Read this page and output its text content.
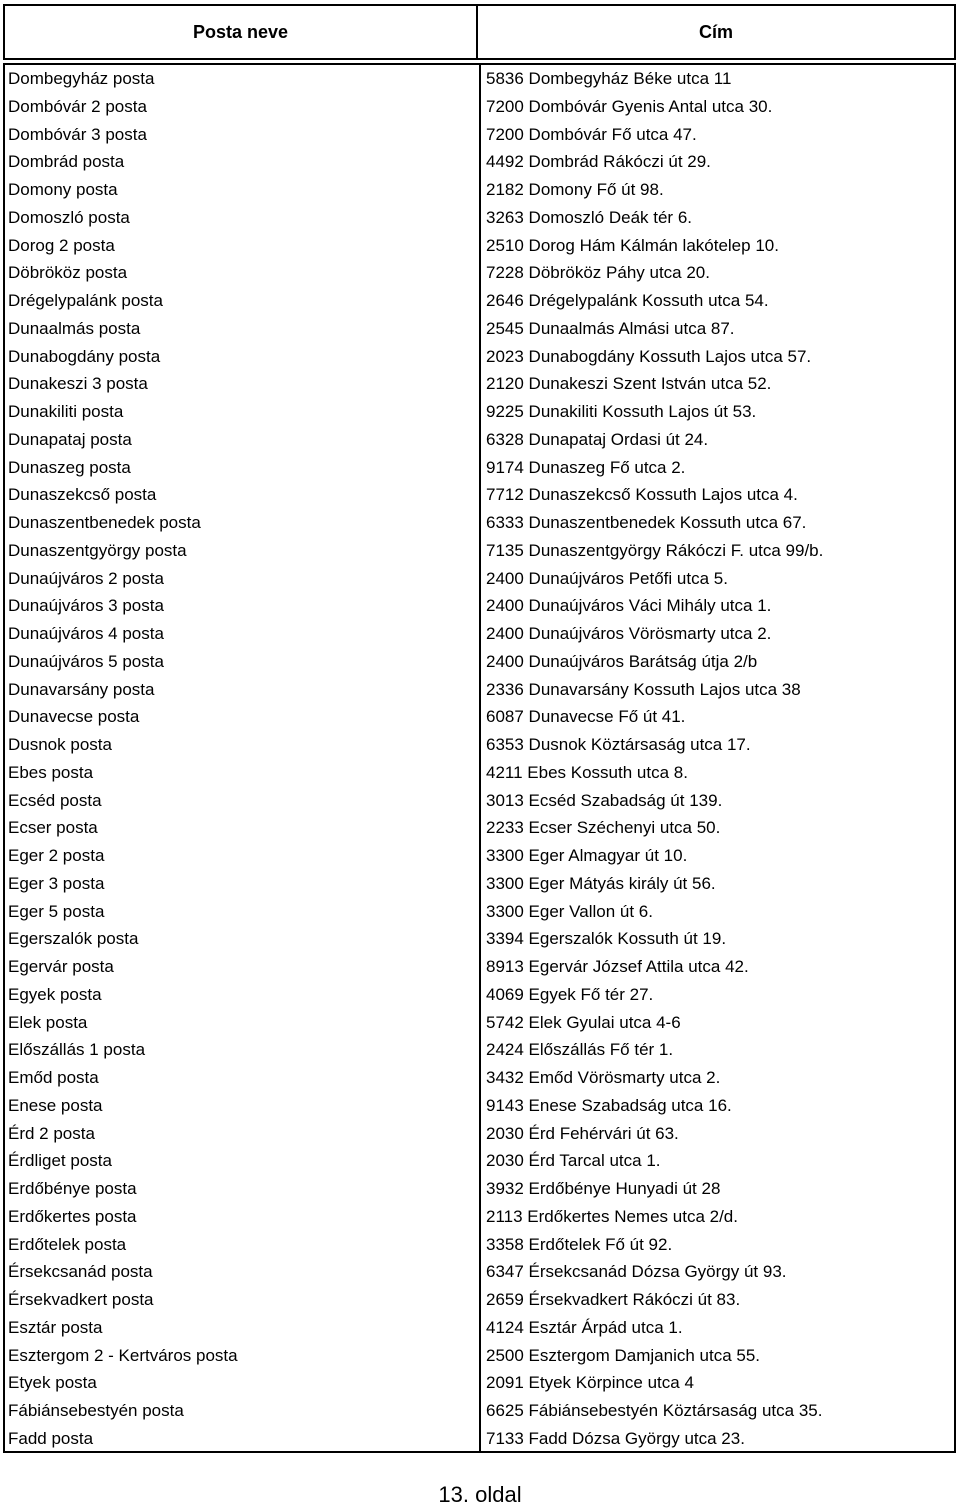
Posta neve	Cím
Dombegyház posta	5836 Dombegyház Béke utca 11
Dombóvár 2 posta	7200 Dombóvár Gyenis Antal utca 30.
Dombóvár 3 posta	7200 Dombóvár Fő utca 47.
Dombrád posta	4492 Dombrád Rákóczi út 29.
Domony posta	2182 Domony Fő út 98.
Domoszló posta	3263 Domoszló Deák tér 6.
Dorog 2 posta	2510 Dorog Hám Kálmán lakótelep 10.
Döbrököz posta	7228 Döbrököz Páhy utca 20.
Drégelypalánk posta	2646 Drégelypalánk Kossuth utca 54.
Dunaalmás posta	2545 Dunaalmás Almási utca 87.
Dunabogdány posta	2023 Dunabogdány Kossuth Lajos utca 57.
Dunakeszi 3 posta	2120 Dunakeszi Szent István utca 52.
Dunakiliti posta	9225 Dunakiliti Kossuth Lajos út 53.
Dunapataj posta	6328 Dunapataj Ordasi út 24.
Dunaszeg posta	9174 Dunaszeg Fő utca 2.
Dunaszekcső posta	7712 Dunaszekcső Kossuth Lajos utca 4.
Dunaszentbenedek posta	6333 Dunaszentbenedek Kossuth utca 67.
Dunaszentgyörgy posta	7135 Dunaszentgyörgy Rákóczi F. utca 99/b.
Dunaújváros 2 posta	2400 Dunaújváros Petőfi utca 5.
Dunaújváros 3 posta	2400 Dunaújváros Váci Mihály utca 1.
Dunaújváros 4 posta	2400 Dunaújváros Vörösmarty utca 2.
Dunaújváros 5 posta	2400 Dunaújváros Barátság útja 2/b
Dunavarsány posta	2336 Dunavarsány Kossuth Lajos utca 38
Dunavecse posta	6087 Dunavecse Fő út 41.
Dusnok posta	6353 Dusnok Köztársaság utca 17.
Ebes posta	4211 Ebes Kossuth utca 8.
Ecséd posta	3013 Ecséd Szabadság út 139.
Ecser posta	2233 Ecser Széchenyi utca 50.
Eger 2 posta	3300 Eger Almagyar út 10.
Eger 3 posta	3300 Eger Mátyás király út 56.
Eger 5 posta	3300 Eger Vallon út 6.
Egerszalók posta	3394 Egerszalók Kossuth út 19.
Egervár posta	8913 Egervár József Attila utca 42.
Egyek posta	4069 Egyek Fő tér 27.
Elek posta	5742 Elek Gyulai utca 4-6
Előszállás 1 posta	2424 Előszállás Fő tér 1.
Emőd posta	3432 Emőd Vörösmarty utca 2.
Enese posta	9143 Enese Szabadság utca 16.
Érd 2 posta	2030 Érd Fehérvári út 63.
Érdliget posta	2030 Érd Tarcal utca 1.
Erdőbénye posta	3932 Erdőbénye Hunyadi út 28
Erdőkertes posta	2113 Erdőkertes Nemes utca 2/d.
Erdőtelek posta	3358 Erdőtelek Fő út 92.
Érsekcsanád posta	6347 Érsekcsanád Dózsa György út 93.
Érsekvadkert posta	2659 Érsekvadkert Rákóczi út 83.
Esztár posta	4124 Esztár Árpád utca 1.
Esztergom 2 - Kertváros posta	2500 Esztergom Damjanich utca 55.
Etyek posta	2091 Etyek Körpince utca 4
Fábiánsebestyén posta	6625 Fábiánsebestyén Köztársaság utca 35.
Fadd posta	7133 Fadd Dózsa György utca 23.
13. oldal
